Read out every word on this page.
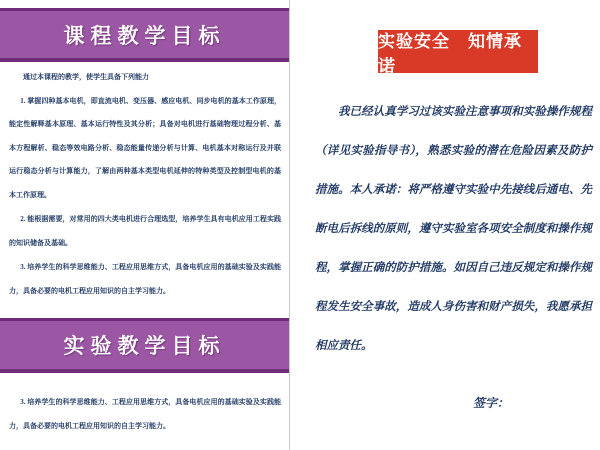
课程教学目标

通过本课程的教学，使学生具备下列能力

1. 掌握四种基本电机，即直流电机、变压器、感应电机、同步电机的基本工作原理，能定性解释基本原理、基本运行特性及其分析；具备对电机进行基础物理过程分析、基本方程解析、稳态等效电路分析、稳态能量传递分析与计算、电机基本对称运行及并联运行稳态分析与计算能力，了解由两种基本类型电机延伸的特种类型及控制型电机的基本工作原理。

2. 能根据需要，对常用的四大类电机进行合理选型，培养学生具有电机应用工程实践的知识储备及基础。

3. 培养学生的科学思维能力、工程应用思维方式，具备电机应用的基础实验及实践能力，具备必要的电机工程应用知识的自主学习能力。

实验教学目标

3. 培养学生的科学思维能力、工程应用思维方式，具备电机应用的基础实验及实践能力，具备必要的电机工程应用知识的自主学习能力。

实验安全　知情承诺

我已经认真学习过该实验注意事项和实验操作规程（详见实验指导书），熟悉实验的潜在危险因素及防护措施。本人承诺：将严格遵守实验中先接线后通电、先断电后拆线的原则，遵守实验室各项安全制度和操作规程，掌握正确的防护措施。如因自己违反规定和操作规程发生安全事故，造成人身伤害和财产损失，我愿承担相应责任。

签字：
